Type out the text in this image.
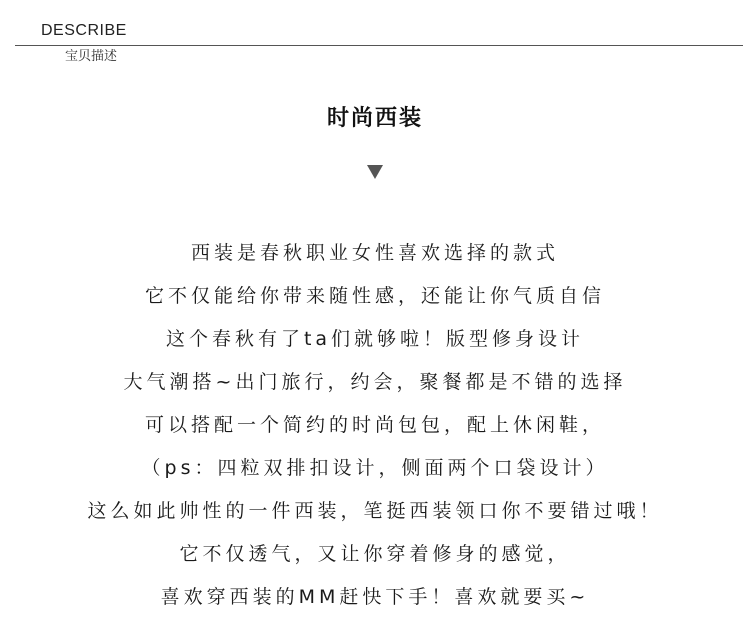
DESCRIBE
宝贝描述
时尚西装
西装是春秋职业女性喜欢选择的款式
它不仅能给你带来随性感，还能让你气质自信
这个春秋有了ta们就够啦！版型修身设计
大气潮搭~出门旅行，约会，聚餐都是不错的选择
可以搭配一个简约的时尚包包，配上休闲鞋，
（ps：四粒双排扣设计，侧面两个口袋设计）
这么如此帅性的一件西装，笔挺西装领口你不要错过哦！
它不仅透气，又让你穿着修身的感觉，
喜欢穿西装的MM赶快下手！喜欢就要买~
